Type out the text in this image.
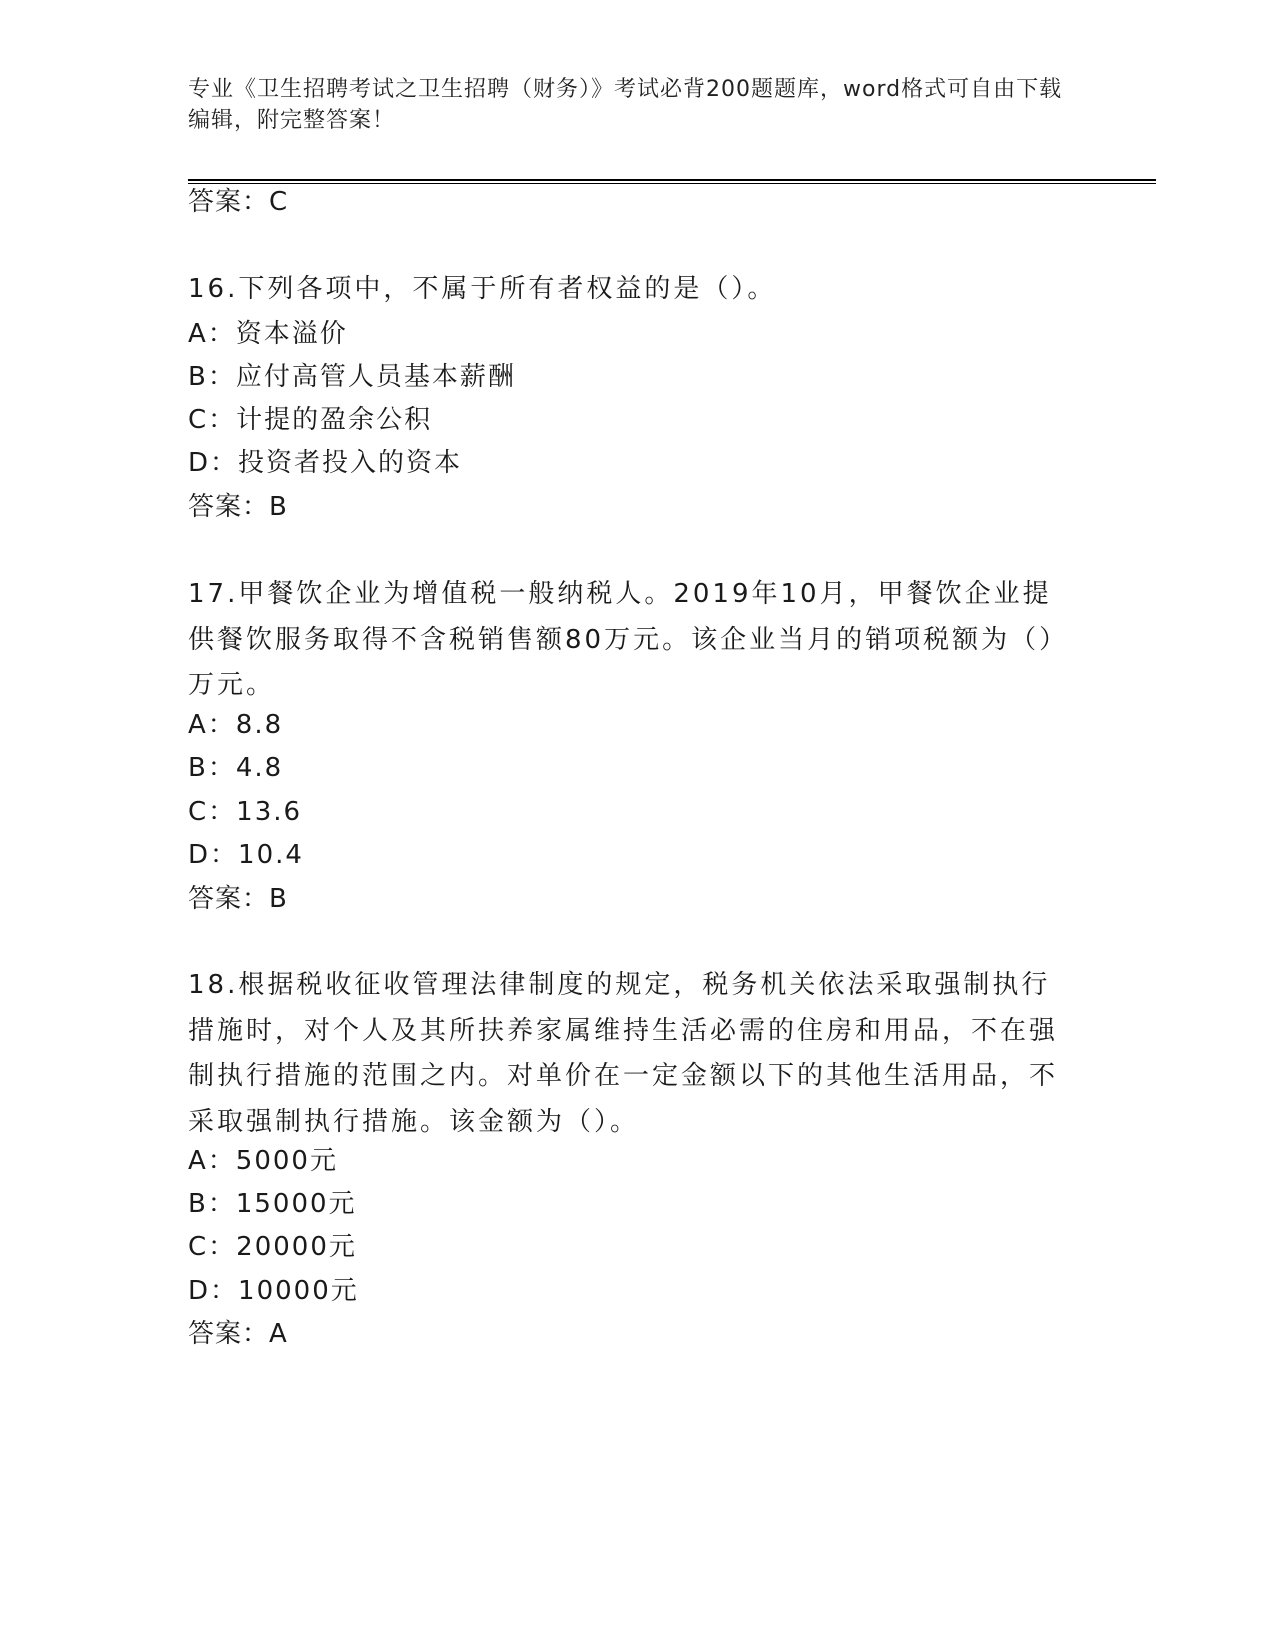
专业《卫生招聘考试之卫生招聘（财务）》考试必背200题题库，word格式可自由下载编辑，附完整答案！
答案：C
16.下列各项中，不属于所有者权益的是（）。
A：资本溢价
B：应付高管人员基本薪酬
C：计提的盈余公积
D：投资者投入的资本
答案：B
17.甲餐饮企业为增值税一般纳税人。2019年10月，甲餐饮企业提供餐饮服务取得不含税销售额80万元。该企业当月的销项税额为（）万元。
A：8.8
B：4.8
C：13.6
D：10.4
答案：B
18.根据税收征收管理法律制度的规定，税务机关依法采取强制执行措施时，对个人及其所扶养家属维持生活必需的住房和用品，不在强制执行措施的范围之内。对单价在一定金额以下的其他生活用品，不采取强制执行措施。该金额为（）。
A：5000元
B：15000元
C：20000元
D：10000元
答案：A
